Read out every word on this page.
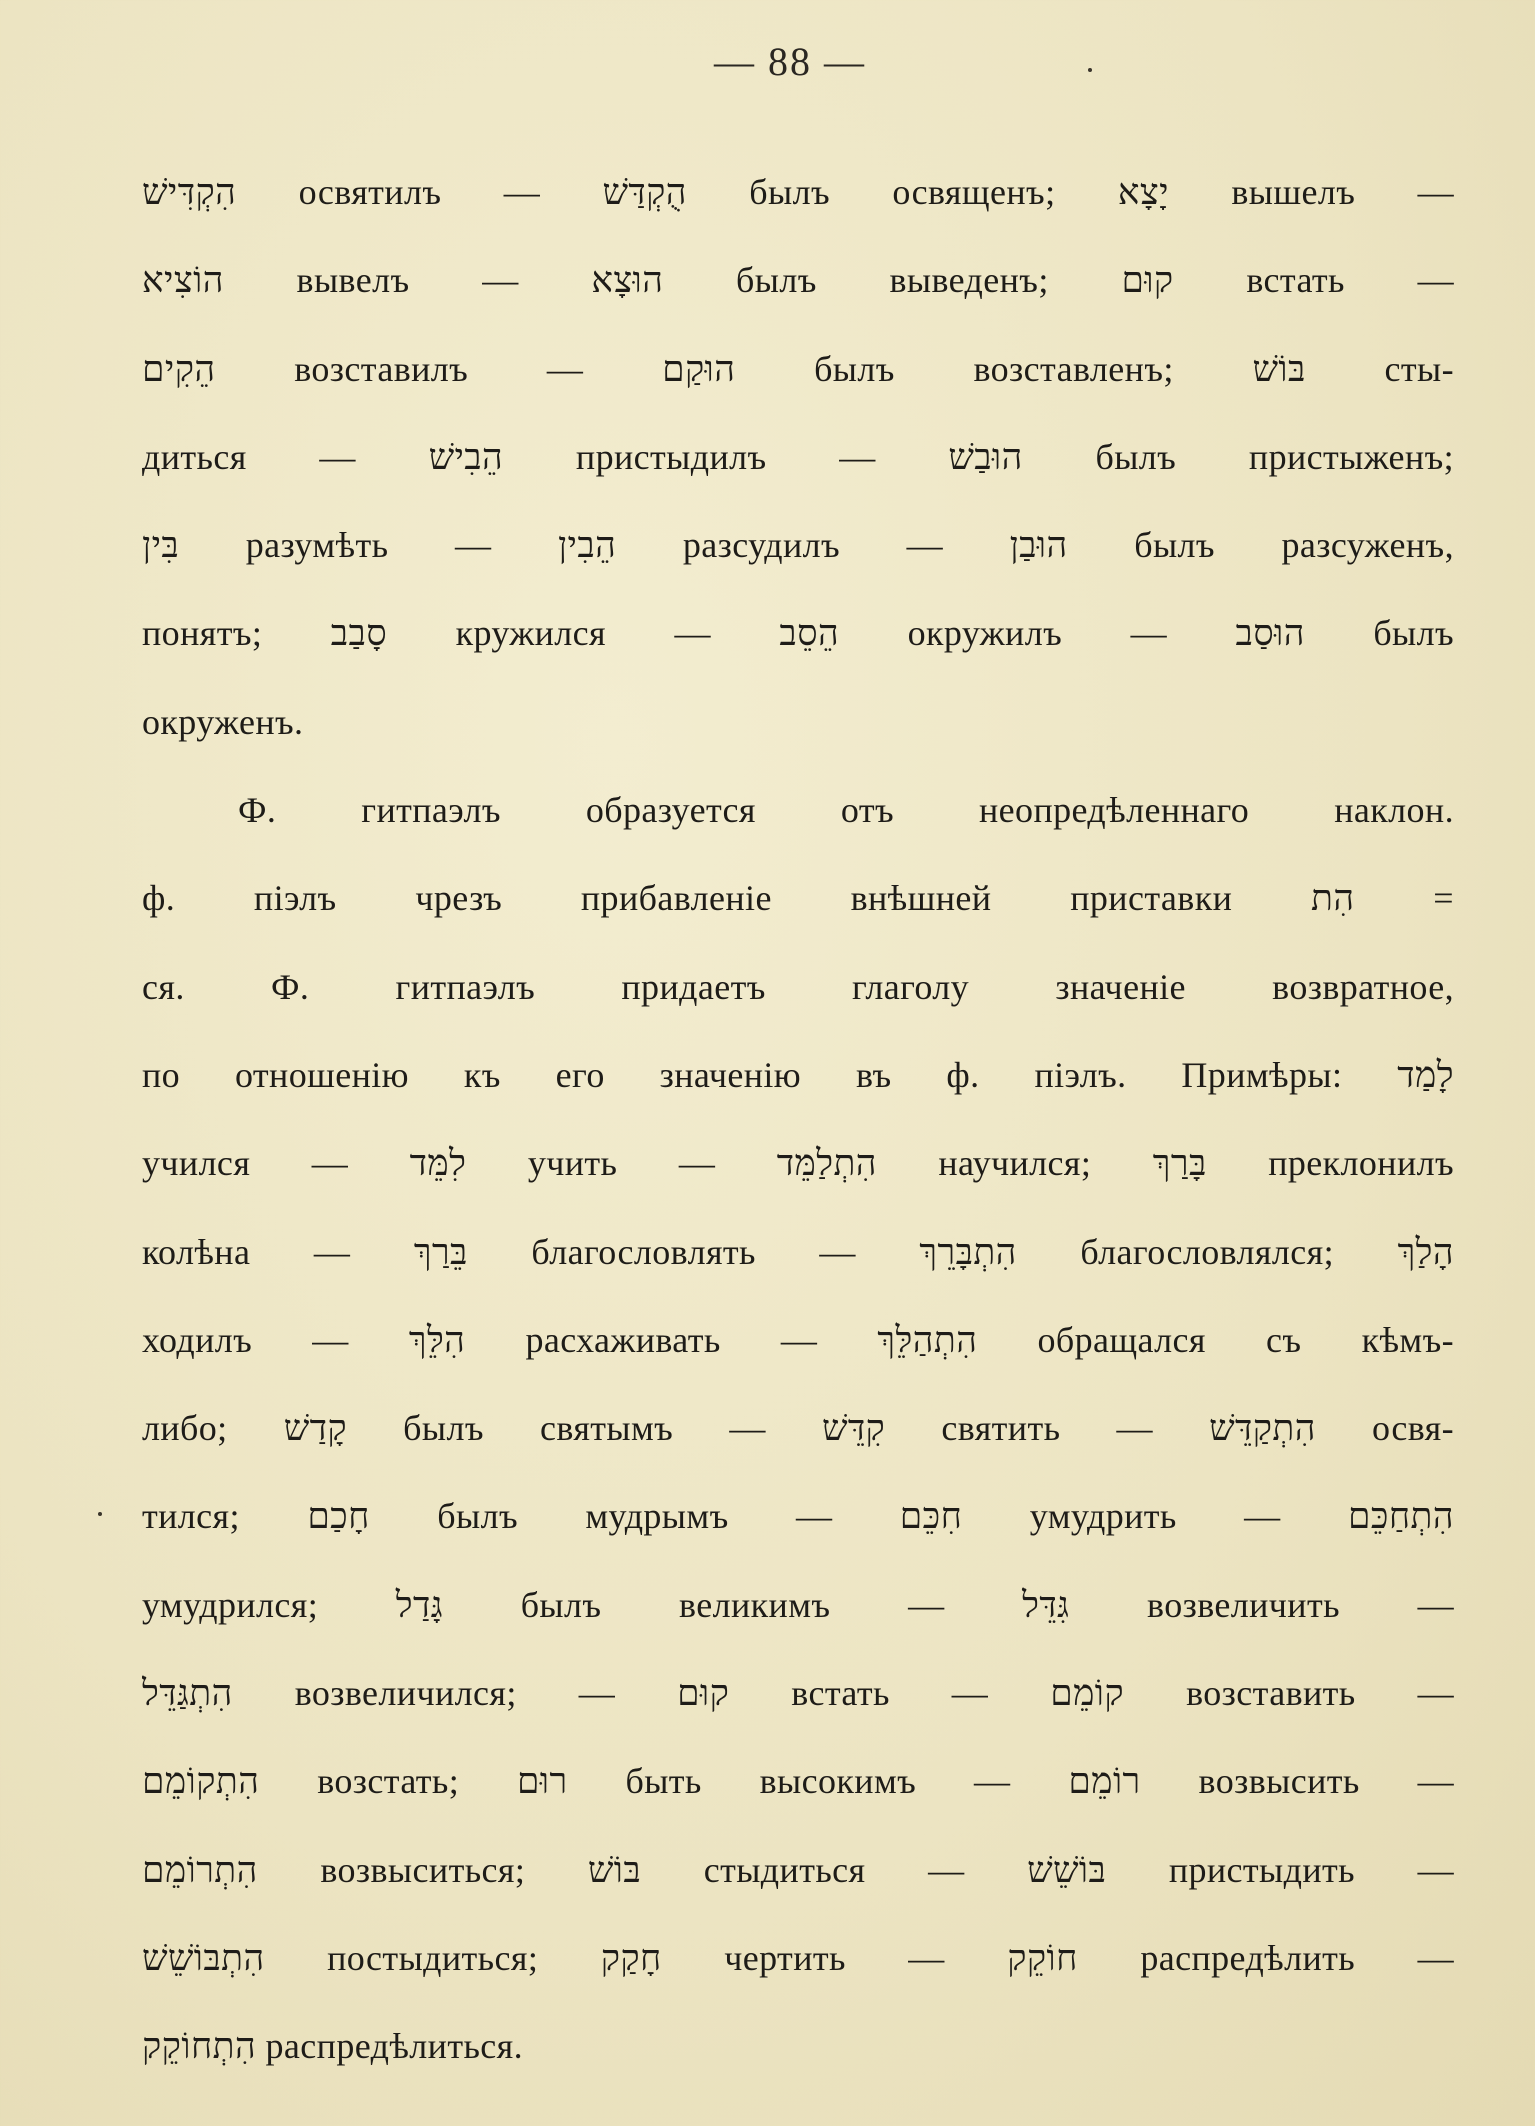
— 88 —
הִקְדִּישׁ освятилъ — הֻקְדַּשׁ былъ освященъ; יָצָא вышелъ —
הוֹצִיא вывелъ — הוּצָא былъ выведенъ; קוּם встать —
הֵקִים возставилъ — הוּקַם былъ возставленъ; בּוֹשׁ сты-
диться — הֵבִישׁ пристыдилъ — הוּבַשׁ былъ пристыженъ;
בִּין разумѣть — הֵבִין разсудилъ — הוּבַן былъ разсуженъ,
понятъ; סָבַב кружился — הֵסֵב окружилъ — הוּסַב былъ
окруженъ.
Ф. гитпаэлъ образуется отъ неопредѣленнаго наклон.
ф. піэлъ чрезъ прибавленіе внѣшней приставки הִת =
ся. Ф. гитпаэлъ придаетъ глаголу значеніе возвратное,
по отношенію къ его значенію въ ф. піэлъ. Примѣры: לָמַד
учился — לִמֵּד учить — הִתְלַמֵּד научился; בָּרַךְ преклонилъ
колѣна — בֵּרַךְ благословлять — הִתְבָּרֵךְ благословлялся; הָלַךְ
ходилъ — הִלֵּךְ расхаживать — הִתְהַלֵּךְ обращался съ кѣмъ-
либо; קָדַשׁ былъ святымъ — קִדֵּשׁ святить — הִתְקַדֵּשׁ освя-
тился; חָכַם былъ мудрымъ — חִכֵּם умудрить — הִתְחַכֵּם
умудрился; גָּדַל былъ великимъ — גִּדֵּל возвеличить —
הִתְגַּדֵּל возвеличился; — קוּם встать — קוֹמֵם возставить —
הִתְקוֹמֵם возстать; רוּם быть высокимъ — רוֹמֵם возвысить —
הִתְרוֹמֵם возвыситься; בּוֹשׁ стыдиться — בּוֹשֵׁשׁ пристыдить —
הִתְבּוֹשֵׁשׁ постыдиться; חָקַק чертить — חוֹקֵק распредѣлить —
הִתְחוֹקֵק распредѣлиться.
